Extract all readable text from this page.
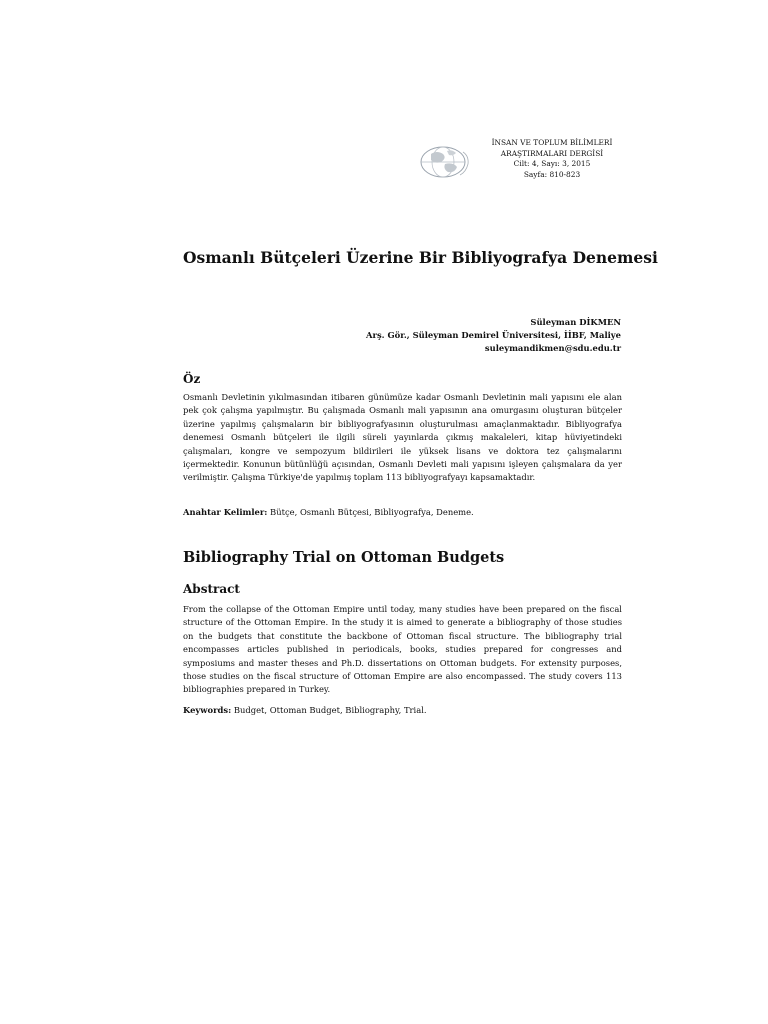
İNSAN VE TOPLUM BİLİMLERİ
ARAŞTIRMALARI DERGİSİ
Cilt: 4, Sayı: 3, 2015
Sayfa: 810-823
Osmanlı Bütçeleri Üzerine Bir Bibliyografya Denemesi
Süleyman DİKMEN
Arş. Gör., Süleyman Demirel Üniversitesi, İİBF, Maliye
suleymandikmen@sdu.edu.tr
Öz

Osmanlı Devletinin yıkılmasından itibaren günümüze kadar Osmanlı Devletinin mali yapısını ele alan pek çok çalışma yapılmıştır. Bu çalışmada Osmanlı mali yapısının ana omurgasını oluşturan bütçeler üzerine yapılmış çalışmaların bir bibliyografyasının oluşturulması amaçlanmaktadır. Bibliyografya denemesi Osmanlı bütçeleri ile ilgili süreli yayınlarda çıkmış makaleleri, kitap hüviyetindeki çalışmaları, kongre ve sempozyum bildirileri ile yüksek lisans ve doktora tez çalışmalarını içermektedir. Konunun bütünlüğü açısından, Osmanlı Devleti mali yapısını işleyen çalışmalara da yer verilmiştir. Çalışma Türkiye'de yapılmış toplam 113 bibliyografyayı kapsamaktadır.

Anahtar Kelimler: Bütçe, Osmanlı Bütçesi, Bibliyografya, Deneme.

Bibliography Trial on Ottoman Budgets
Abstract

From the collapse of the Ottoman Empire until today, many studies have been prepared on the fiscal structure of the Ottoman Empire. In the study it is aimed to generate a bibliography of those studies on the budgets that constitute the backbone of Ottoman fiscal structure. The bibliography trial encompasses articles published in periodicals, books, studies prepared for congresses and symposiums and master theses and Ph.D. dissertations on Ottoman budgets. For extensity purposes, those studies on the fiscal structure of Ottoman Empire are also encompassed. The study covers 113 bibliographies prepared in Turkey.

Keywords: Budget, Ottoman Budget, Bibliography, Trial.
